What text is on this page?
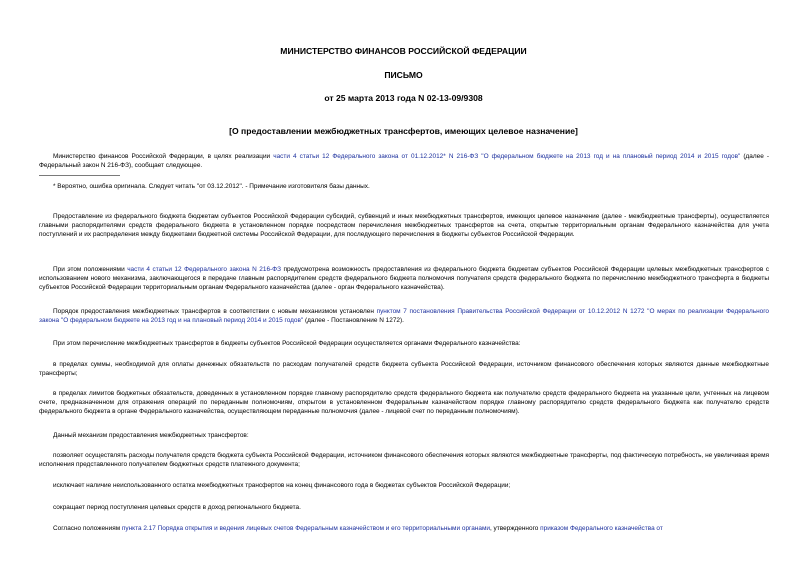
МИНИСТЕРСТВО ФИНАНСОВ РОССИЙСКОЙ ФЕДЕРАЦИИ
ПИСЬМО
от 25 марта 2013 года N 02-13-09/9308
[О предоставлении межбюджетных трансфертов, имеющих целевое назначение]

Министерство финансов Российской Федерации, в целях реализации части 4 статьи 12 Федерального закона от 01.12.2012* N 216-ФЗ "О федеральном бюджете на 2013 год и на плановый период 2014 и 2015 годов" (далее - Федеральный закон N 216-ФЗ), сообщает следующее.

* Вероятно, ошибка оригинала. Следует читать "от 03.12.2012". - Примечание изготовителя базы данных.

Предоставление из федерального бюджета бюджетам субъектов Российской Федерации субсидий, субвенций и иных межбюджетных трансфертов, имеющих целевое назначение (далее - межбюджетные трансферты), осуществляется главными распорядителями средств федерального бюджета в установленном порядке посредством перечисления межбюджетных трансфертов на счета, открытые территориальным органам Федерального казначейства для учета поступлений и их распределения между бюджетами бюджетной системы Российской Федерации, для последующего перечисления в бюджеты субъектов Российской Федерации.

При этом положениями части 4 статьи 12 Федерального закона N 216-ФЗ предусмотрена возможность предоставления из федерального бюджета бюджетам субъектов Российской Федерации целевых межбюджетных трансфертов с использованием нового механизма, заключающегося в передаче главным распорядителем средств федерального бюджета полномочия получателя средств федерального бюджета по перечислению межбюджетного трансферта в бюджеты субъектов Российской Федерации территориальным органам Федерального казначейства (далее - орган Федерального казначейства).

Порядок предоставления межбюджетных трансфертов в соответствии с новым механизмом установлен пунктом 7 постановления Правительства Российской Федерации от 10.12.2012 N 1272 "О мерах по реализации Федерального закона "О федеральном бюджете на 2013 год и на плановый период 2014 и 2015 годов" (далее - Постановление N 1272).

При этом перечисление межбюджетных трансфертов в бюджеты субъектов Российской Федерации осуществляется органами Федерального казначейства:

в пределах суммы, необходимой для оплаты денежных обязательств по расходам получателей средств бюджета субъекта Российской Федерации, источником финансового обеспечения которых являются данные межбюджетные трансферты;

в пределах лимитов бюджетных обязательств, доведенных в установленном порядке главному распорядителю средств федерального бюджета как получателю средств федерального бюджета на указанные цели, учтенных на лицевом счете, предназначенном для отражения операций по переданным полномочиям, открытом в установленном Федеральным казначейством порядке главному распорядителю средств федерального бюджета как получателю средств федерального бюджета в органе Федерального казначейства, осуществляющем переданные полномочия (далее - лицевой счет по переданным полномочиям).

Данный механизм предоставления межбюджетных трансфертов:

позволяет осуществлять расходы получателя средств бюджета субъекта Российской Федерации, источником финансового обеспечения которых являются межбюджетные трансферты, под фактическую потребность, не увеличивая время исполнения представленного получателем бюджетных средств платежного документа;

исключает наличие неиспользованного остатка межбюджетных трансфертов на конец финансового года в бюджетах субъектов Российской Федерации;

сокращает период поступления целевых средств в доход регионального бюджета.

Согласно положениям пункта 2.17 Порядка открытия и ведения лицевых счетов Федеральным казначейством и его территориальными органами, утвержденного приказом Федерального казначейства от
